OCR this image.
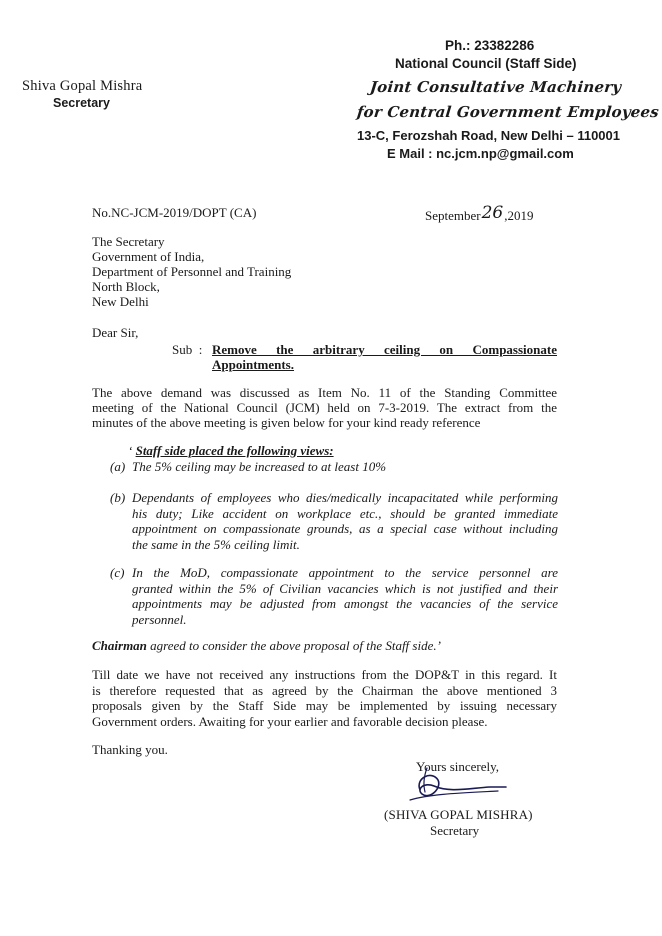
Shiva Gopal Mishra
Secretary
Ph.: 23382286
National Council (Staff Side)
Joint Consultative Machinery
for Central Government Employees
13-C, Ferozshah Road, New Delhi – 110001
E Mail : nc.jcm.np@gmail.com
No.NC-JCM-2019/DOPT (CA)	September26,2019
The Secretary
Government of India,
Department of Personnel and Training
North Block,
New Delhi
Dear Sir,
Sub  : Remove    the    arbitrary    ceiling    on    Compassionate
Appointments.
The above demand was discussed as Item No. 11 of the Standing Committee
meeting of the National Council (JCM) held on 7-3-2019. The extract from the
minutes of the above meeting is given below for your kind ready reference
‘ Staff side placed the following views:
(a) The 5% ceiling may be increased to at least 10%
(b) Dependants of employees who dies/medically incapacitated while performing
his duty; Like accident on workplace etc., should be granted immediate
appointment on compassionate grounds, as a special case without including
the same in the 5% ceiling limit.
(c) In the MoD, compassionate appointment to the service personnel are
granted within the 5% of Civilian vacancies which is not justified and their
appointments may be adjusted from amongst the vacancies of the service
personnel.
Chairman agreed to consider the above proposal of the Staff side.’
Till date we have not received any instructions from the DOP&T in this regard. It
is therefore requested that as agreed by the Chairman the above mentioned 3
proposals given by the Staff Side may be implemented by issuing necessary
Government orders. Awaiting for your earlier and favorable decision please.
Thanking you.
Yours sincerely,
(SHIVA GOPAL MISHRA)
Secretary
